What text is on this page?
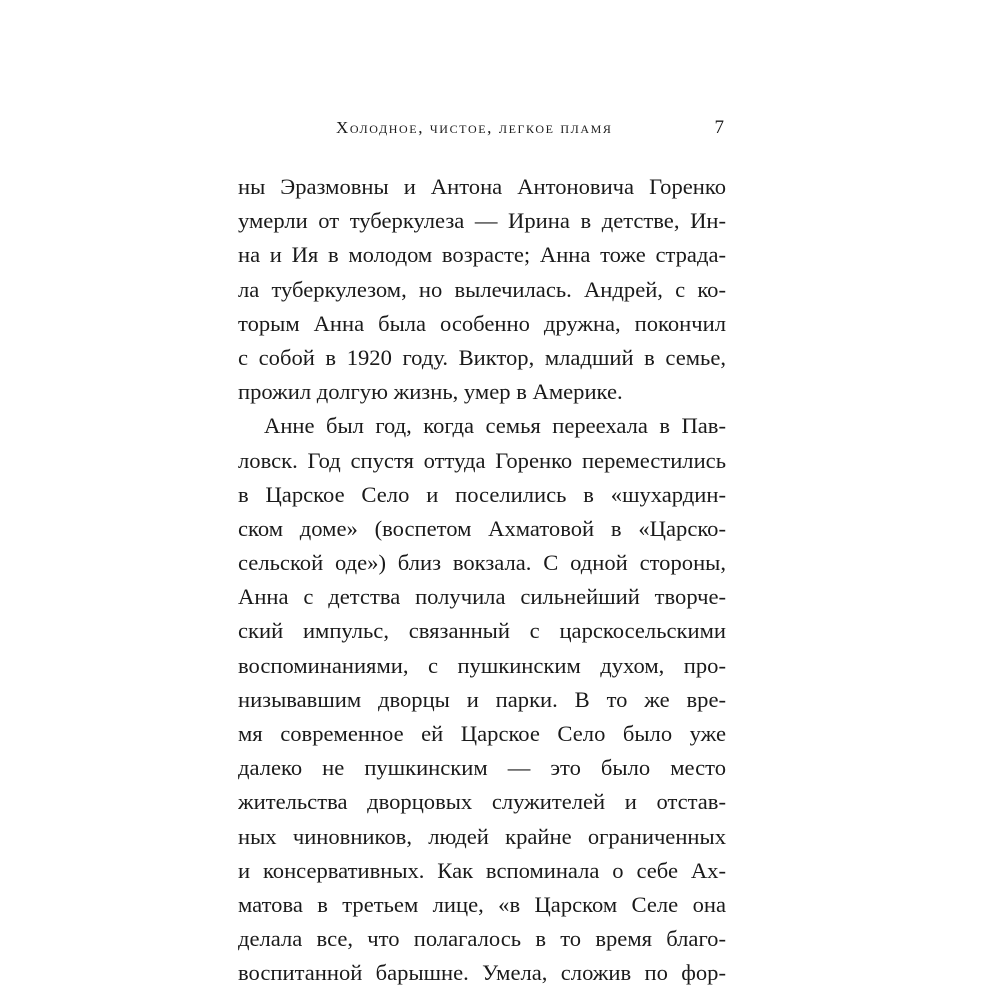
Холодное, чистое, легкое пламя	7
ны Эразмовны и Антона Антоновича Горенко
умерли от туберкулеза — Ирина в детстве, Ин-
на и Ия в молодом возрасте; Анна тоже страда-
ла туберкулезом, но вылечилась. Андрей, с ко-
торым Анна была особенно дружна, покончил
с собой в 1920 году. Виктор, младший в семье,
прожил долгую жизнь, умер в Америке.
Анне был год, когда семья переехала в Пав-
ловск. Год спустя оттуда Горенко переместились
в Царское Село и поселились в «шухардин-
ском доме» (воспетом Ахматовой в «Царско-
сельской оде») близ вокзала. С одной стороны,
Анна с детства получила сильнейший творче-
ский импульс, связанный с царскосельскими
воспоминаниями, с пушкинским духом, про-
низывавшим дворцы и парки. В то же вре-
мя современное ей Царское Село было уже
далеко не пушкинским — это было место
жительства дворцовых служителей и отстав-
ных чиновников, людей крайне ограниченных
и консервативных. Как вспоминала о себе Ах-
матова в третьем лице, «в Царском Селе она
делала все, что полагалось в то время благо-
воспитанной барышне. Умела, сложив по фор-
